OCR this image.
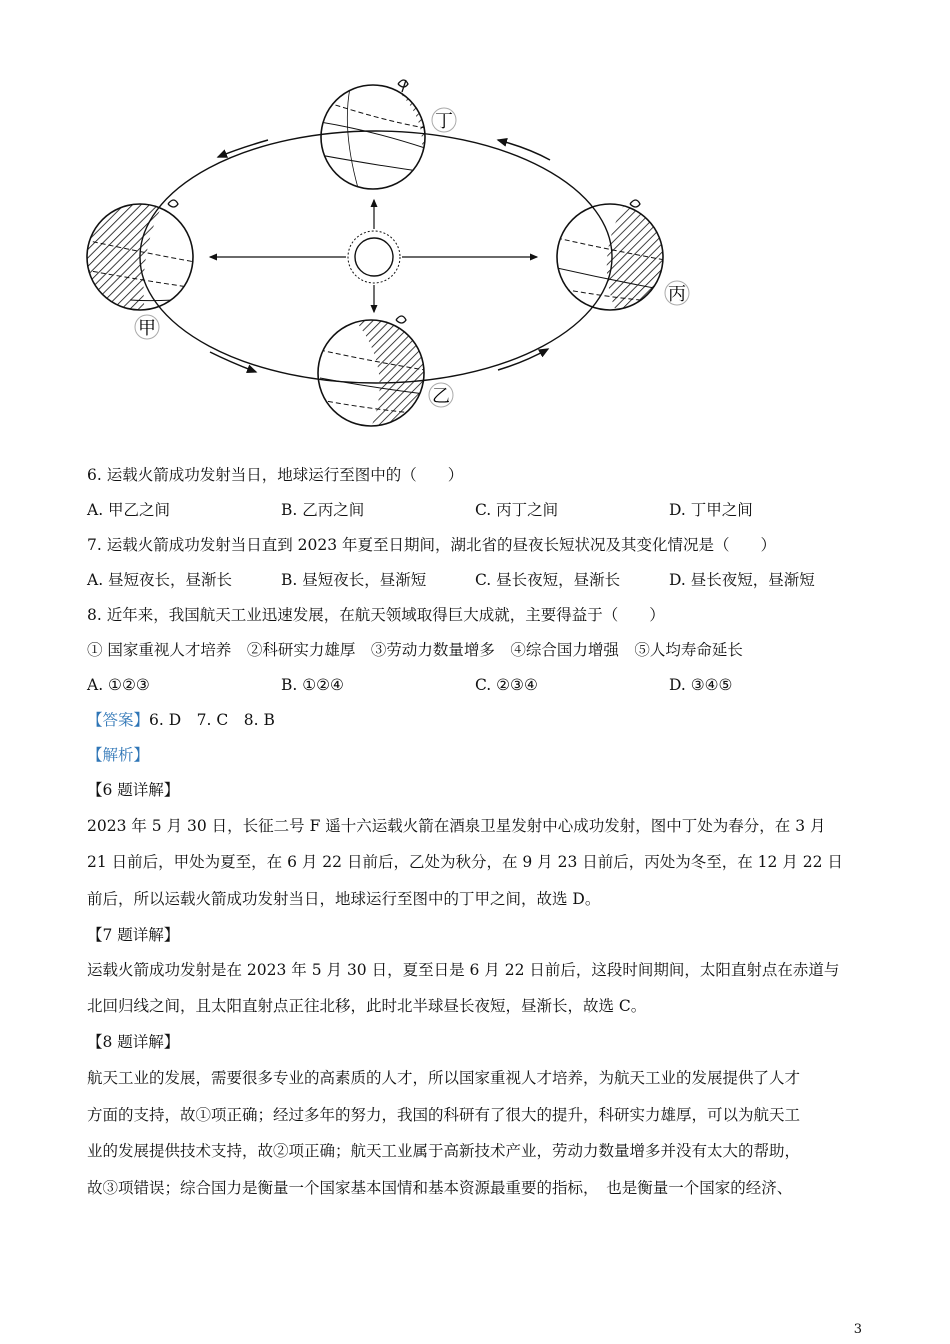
丁
甲
丙
乙
6. 运载火箭成功发射当日，地球运行至图中的（　　）
A. 甲乙之间	B. 乙丙之间	C. 丙丁之间	D. 丁甲之间
7. 运载火箭成功发射当日直到 2023 年夏至日期间，湖北省的昼夜长短状况及其变化情况是（　　）
A. 昼短夜长，昼渐长	B. 昼短夜长，昼渐短	C. 昼长夜短，昼渐长	D. 昼长夜短，昼渐短
8. 近年来，我国航天工业迅速发展，在航天领域取得巨大成就，主要得益于（　　）
① 国家重视人才培养　②科研实力雄厚　③劳动力数量增多　④综合国力增强　⑤人均寿命延长
A. ①②③	B. ①②④	C. ②③④	D. ③④⑤
【答案】6. D　7. C　8. B
【解析】
【6 题详解】
2023 年 5 月 30 日，长征二号 F 遥十六运载火箭在酒泉卫星发射中心成功发射，图中丁处为春分，在 3 月
21 日前后，甲处为夏至，在 6 月 22 日前后，乙处为秋分，在 9 月 23 日前后，丙处为冬至，在 12 月 22 日
前后，所以运载火箭成功发射当日，地球运行至图中的丁甲之间，故选 D。
【7 题详解】
运载火箭成功发射是在 2023 年 5 月 30 日，夏至日是 6 月 22 日前后，这段时间期间，太阳直射点在赤道与
北回归线之间，且太阳直射点正往北移，此时北半球昼长夜短，昼渐长，故选 C。
【8 题详解】
航天工业的发展，需要很多专业的高素质的人才，所以国家重视人才培养，为航天工业的发展提供了人才
方面的支持，故①项正确；经过多年的努力，我国的科研有了很大的提升，科研实力雄厚，可以为航天工
业的发展提供技术支持，故②项正确；航天工业属于高新技术产业，劳动力数量增多并没有太大的帮助，
故③项错误；综合国力是衡量一个国家基本国情和基本资源最重要的指标，　也是衡量一个国家的经济、
3
